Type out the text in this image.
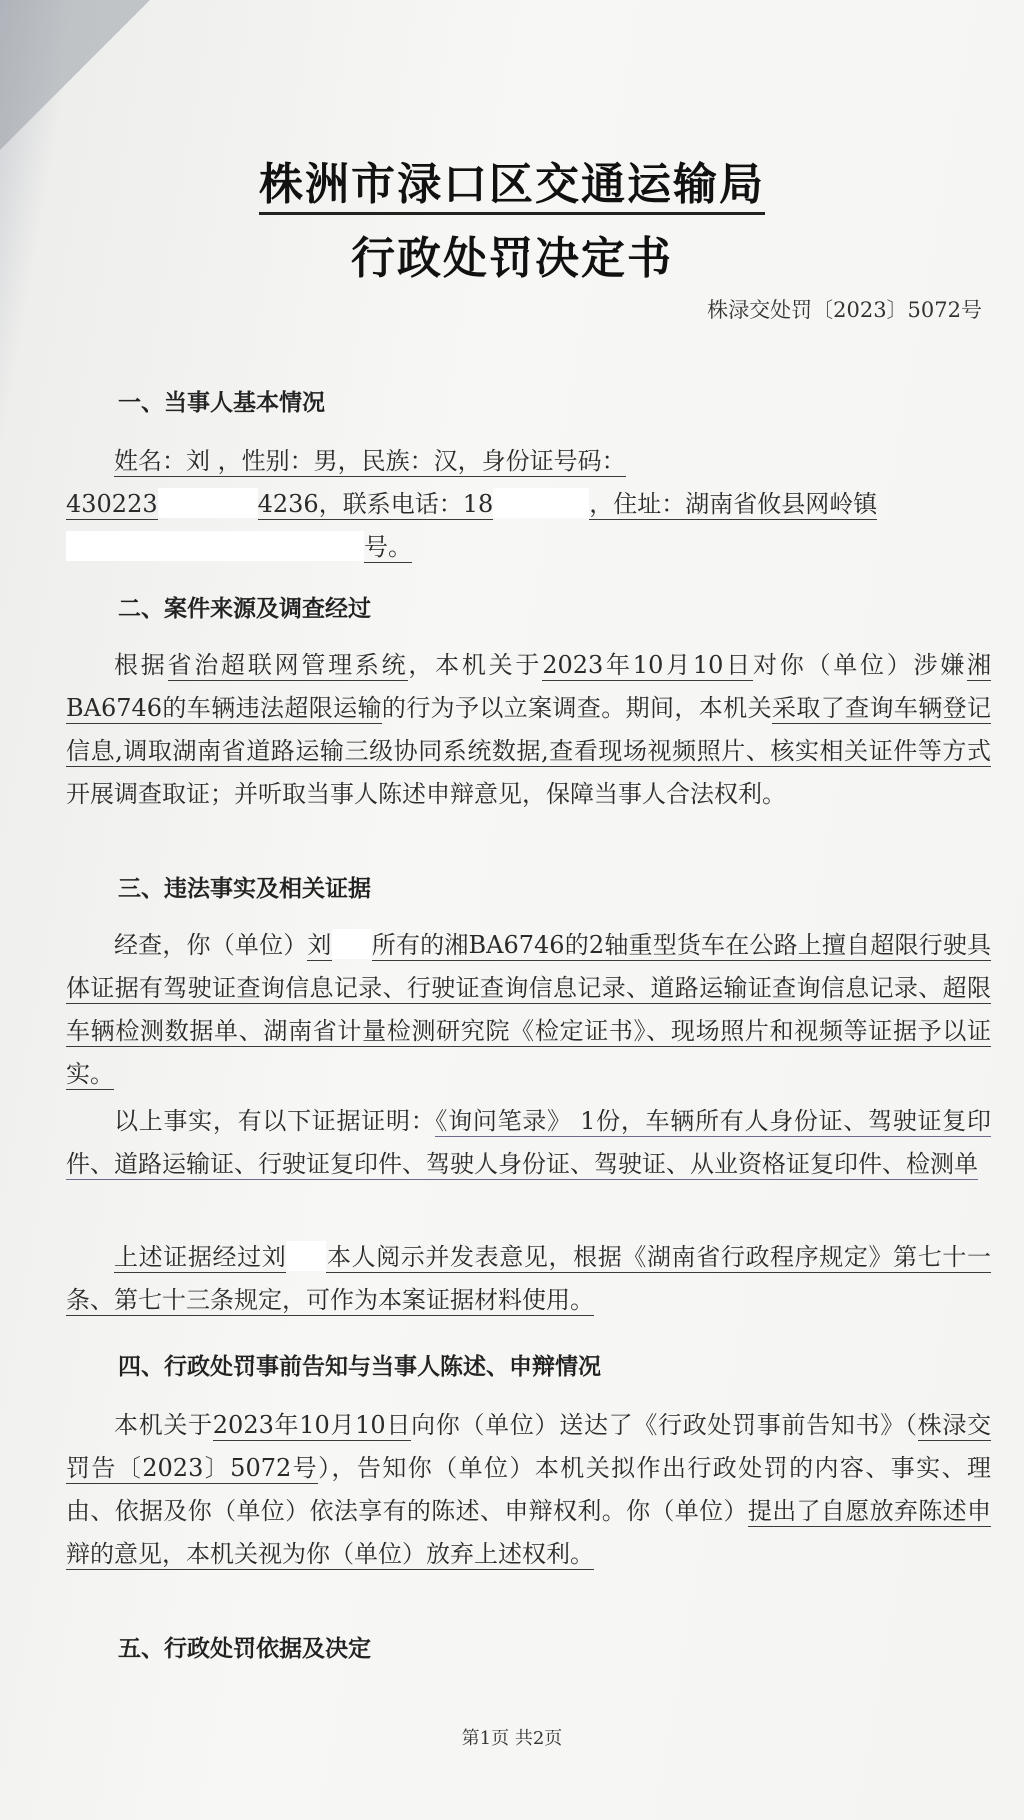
株洲市渌口区交通运输局
行政处罚决定书
株渌交处罚〔2023〕5072号
一、当事人基本情况
姓名：刘 ，性别：男，民族：汉，身份证号码：
430223	4236，联系电话：18	，住址：湖南省攸县网岭镇
号。
二、案件来源及调查经过
根据省治超联网管理系统，本机关于2023年10月10日对你（单位）涉嫌湘BA6746的车辆违法超限运输的行为予以立案调查。期间，本机关采取了查询车辆登记信息,调取湖南省道路运输三级协同系统数据,查看现场视频照片、核实相关证件等方式开展调查取证；并听取当事人陈述申辩意见，保障当事人合法权利。
三、违法事实及相关证据
经查，你（单位）刘 所有的湘BA6746的2轴重型货车在公路上擅自超限行驶具体证据有驾驶证查询信息记录、行驶证查询信息记录、道路运输证查询信息记录、超限车辆检测数据单、湖南省计量检测研究院《检定证书》、现场照片和视频等证据予以证实。
以上事实，有以下证据证明：《询问笔录》 1份，车辆所有人身份证、驾驶证复印件、道路运输证、行驶证复印件、驾驶人身份证、驾驶证、从业资格证复印件、检测单
上述证据经过刘 本人阅示并发表意见，根据《湖南省行政程序规定》第七十一条、第七十三条规定，可作为本案证据材料使用。
四、行政处罚事前告知与当事人陈述、申辩情况
本机关于2023年10月10日向你（单位）送达了《行政处罚事前告知书》（株渌交罚告〔2023〕5072号），告知你（单位）本机关拟作出行政处罚的内容、事实、理由、依据及你（单位）依法享有的陈述、申辩权利。你（单位）提出了自愿放弃陈述申辩的意见，本机关视为你（单位）放弃上述权利。
五、行政处罚依据及决定
第1页 共2页
